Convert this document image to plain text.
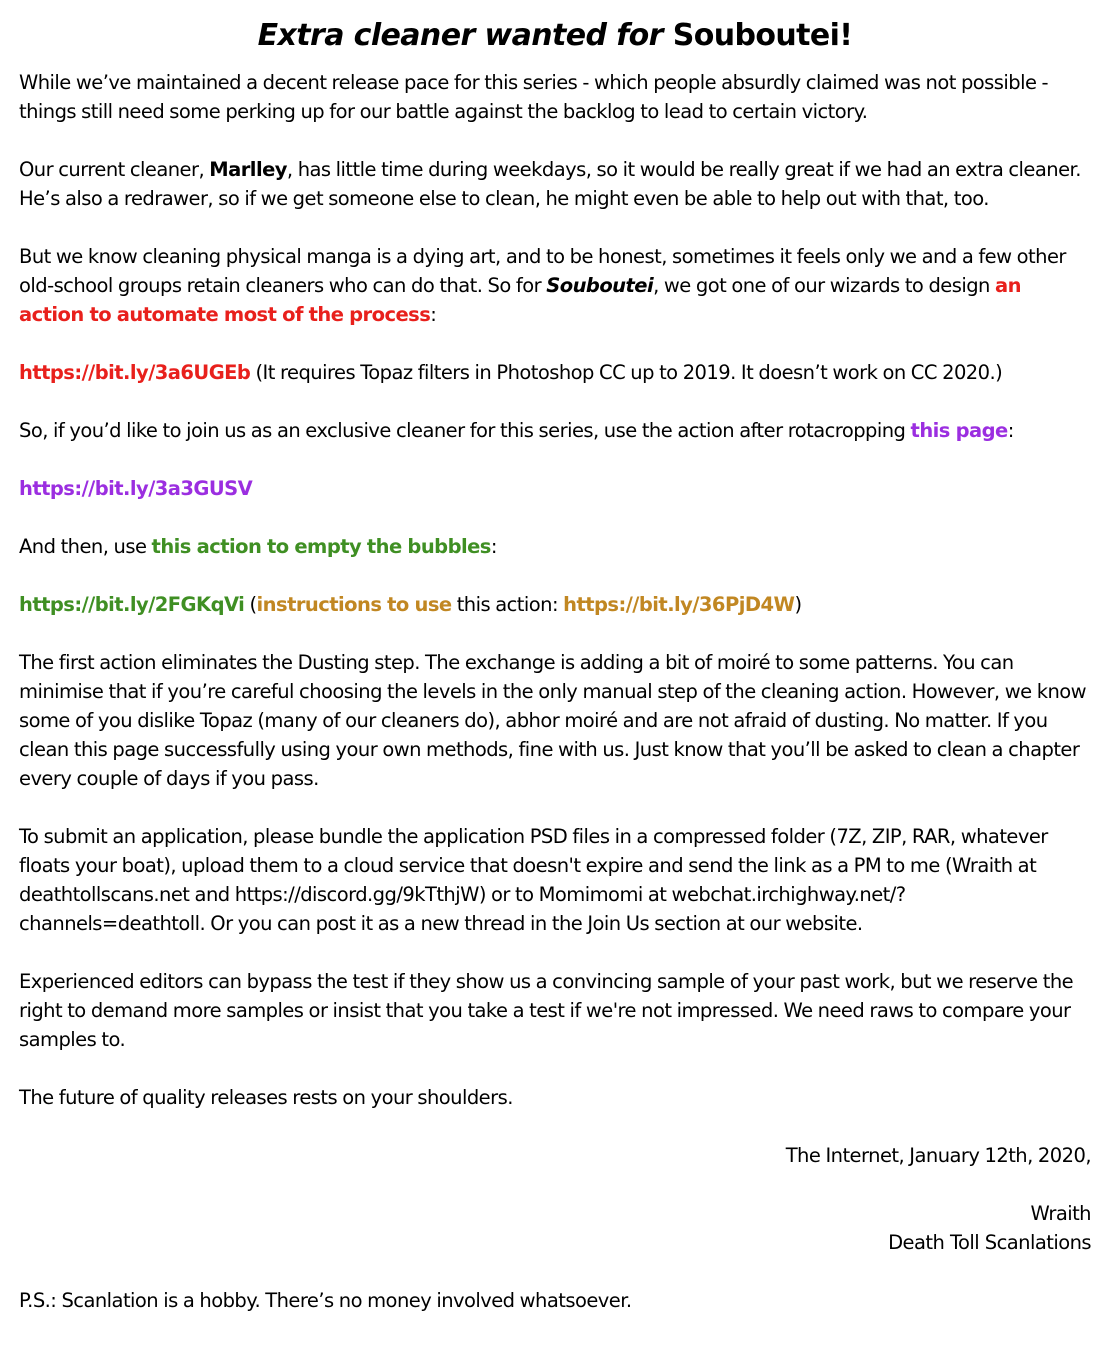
Extra cleaner wanted for Souboutei!

While we’ve maintained a decent release pace for this series - which people absurdly claimed was not possible - things still need some perking up for our battle against the backlog to lead to certain victory.

Our current cleaner, Marlley, has little time during weekdays, so it would be really great if we had an extra cleaner. He’s also a redrawer, so if we get someone else to clean, he might even be able to help out with that, too.

But we know cleaning physical manga is a dying art, and to be honest, sometimes it feels only we and a few other old-school groups retain cleaners who can do that. So for Souboutei, we got one of our wizards to design an action to automate most of the process:

https://bit.ly/3a6UGEb (It requires Topaz filters in Photoshop CC up to 2019. It doesn’t work on CC 2020.)

So, if you’d like to join us as an exclusive cleaner for this series, use the action after rotacropping this page:

https://bit.ly/3a3GUSV

And then, use this action to empty the bubbles:

https://bit.ly/2FGKqVi (instructions to use this action: https://bit.ly/36PjD4W)

The first action eliminates the Dusting step. The exchange is adding a bit of moiré to some patterns. You can minimise that if you’re careful choosing the levels in the only manual step of the cleaning action. However, we know some of you dislike Topaz (many of our cleaners do), abhor moiré and are not afraid of dusting. No matter. If you clean this page successfully using your own methods, fine with us. Just know that you’ll be asked to clean a chapter every couple of days if you pass.

To submit an application, please bundle the application PSD files in a compressed folder (7Z, ZIP, RAR, whatever floats your boat), upload them to a cloud service that doesn't expire and send the link as a PM to me (Wraith at deathtollscans.net and https://discord.gg/9kTthjW) or to Momimomi at webchat.irchighway.net/?channels=deathtoll. Or you can post it as a new thread in the Join Us section at our website.

Experienced editors can bypass the test if they show us a convincing sample of your past work, but we reserve the right to demand more samples or insist that you take a test if we're not impressed. We need raws to compare your samples to.

The future of quality releases rests on your shoulders.

The Internet, January 12th, 2020,

Wraith
Death Toll Scanlations

P.S.: Scanlation is a hobby. There’s no money involved whatsoever.
